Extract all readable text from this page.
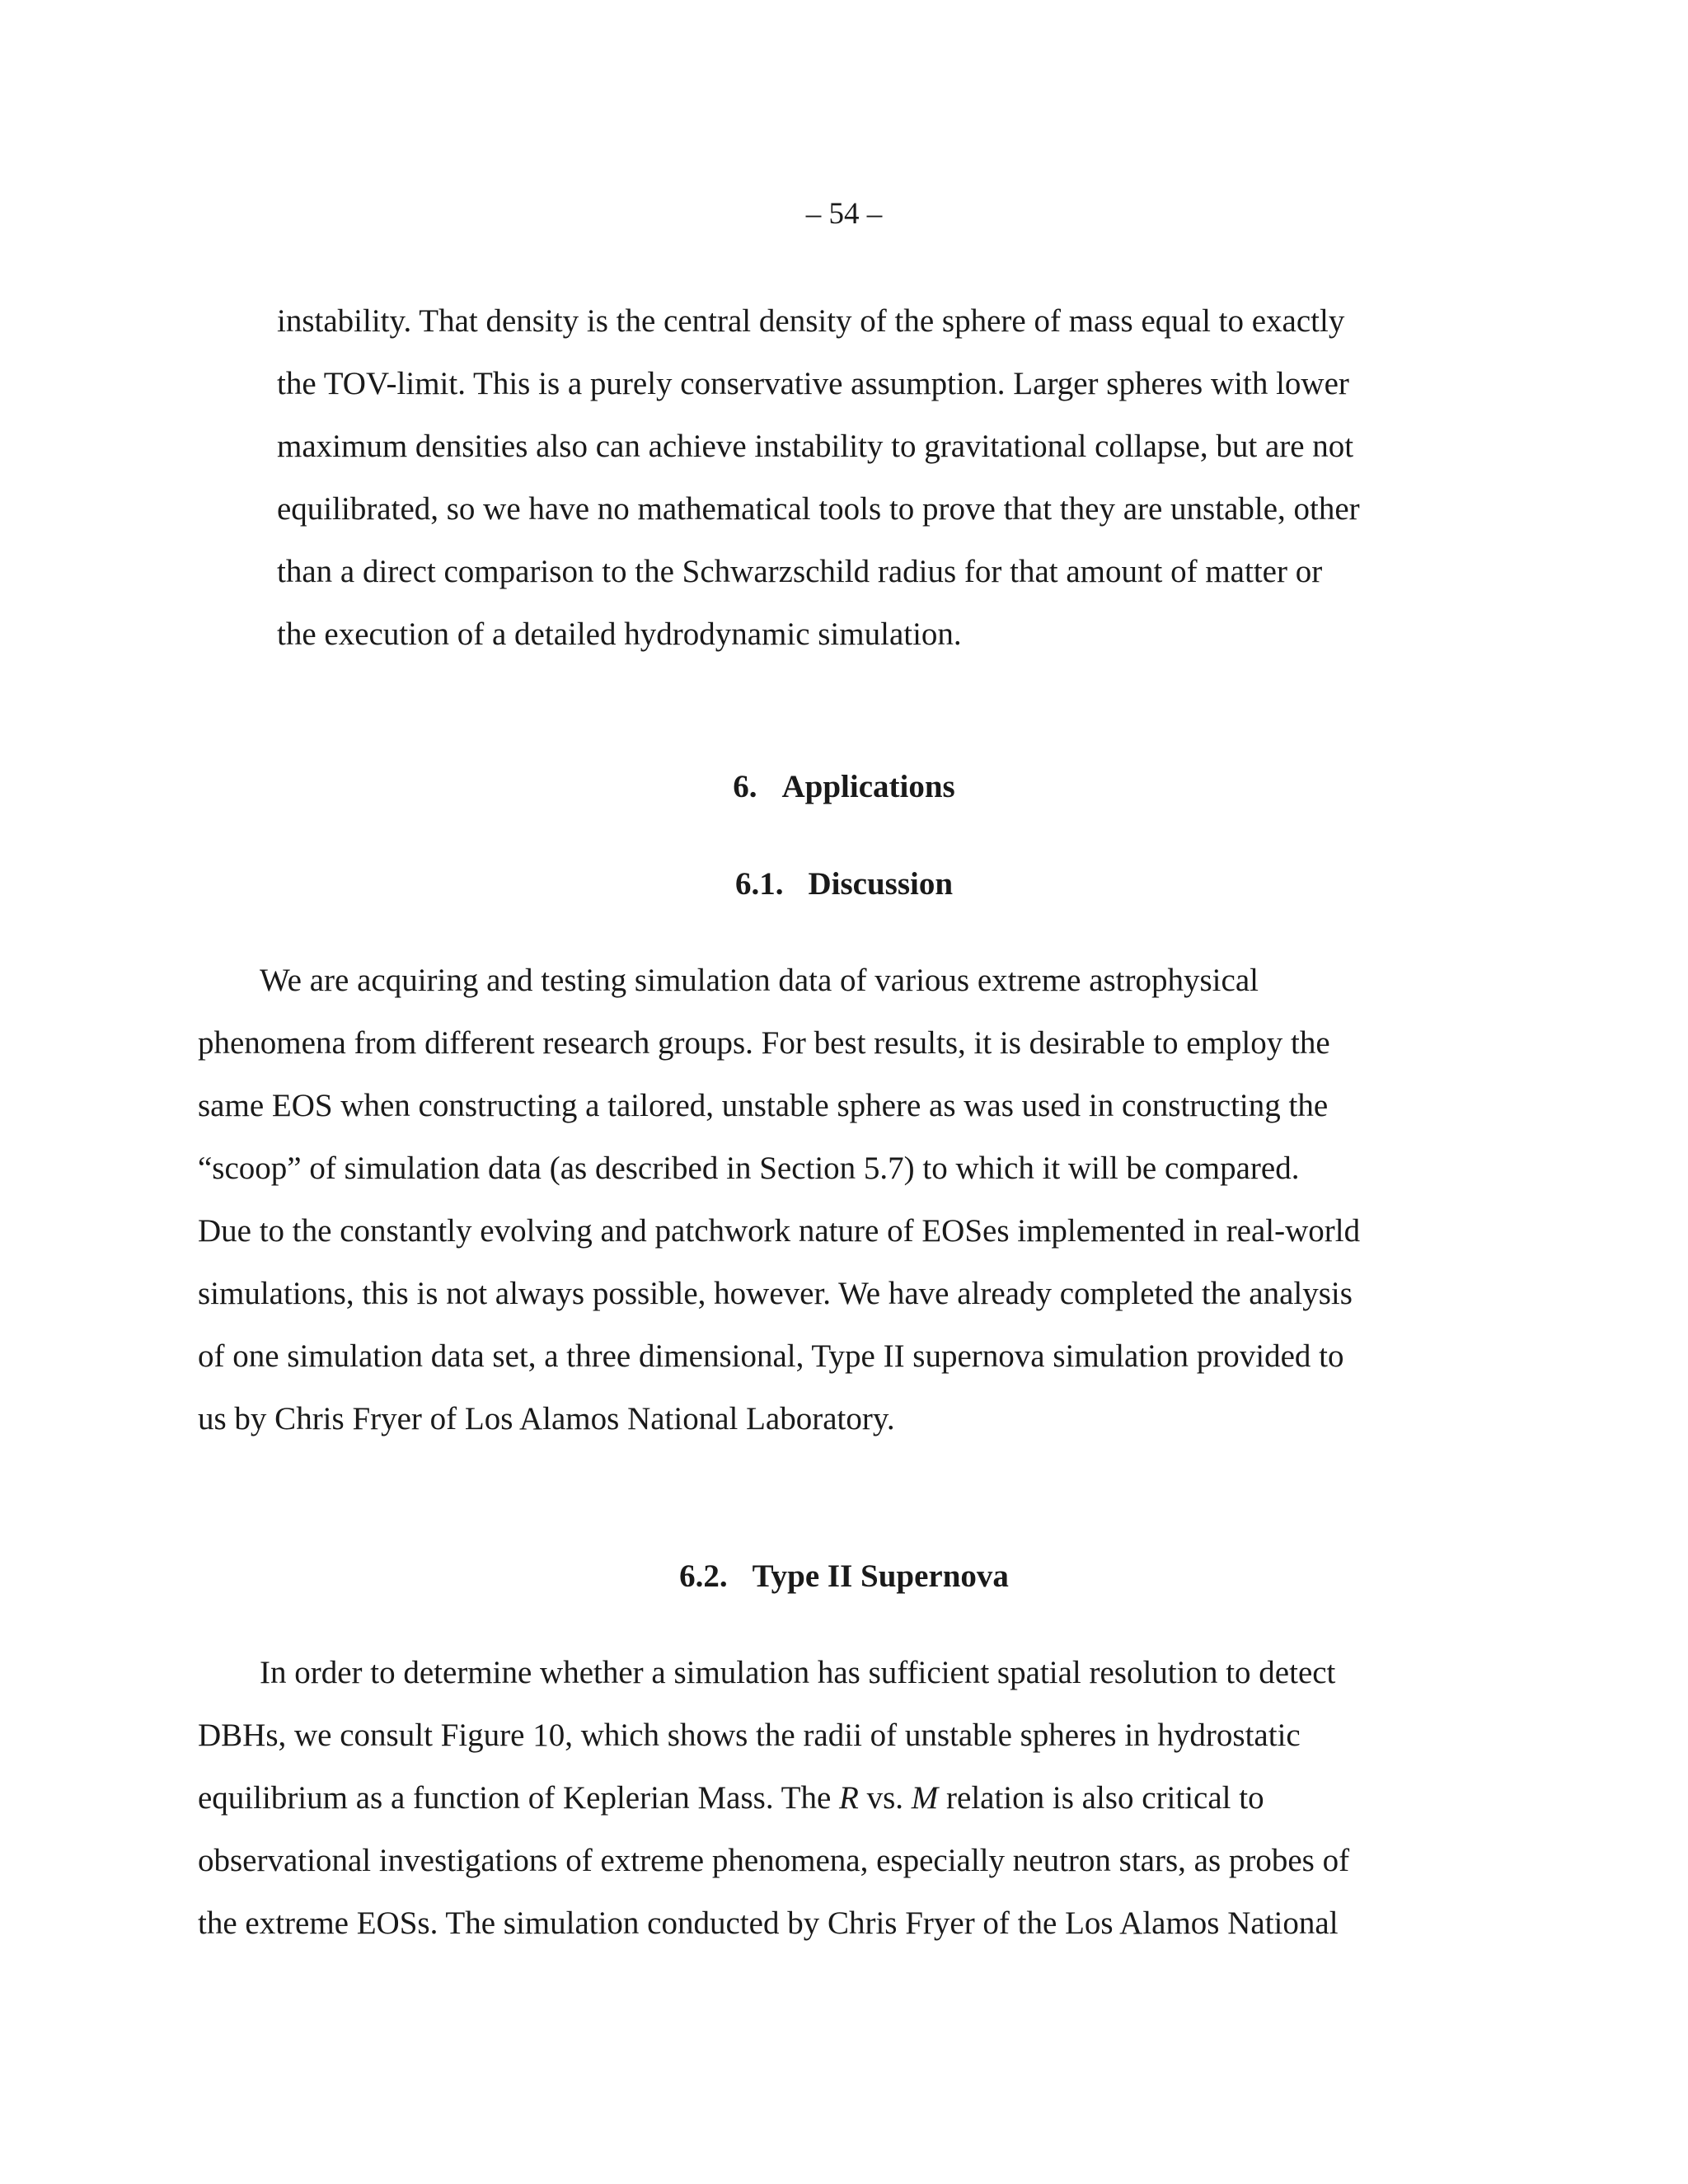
– 54 –
instability. That density is the central density of the sphere of mass equal to exactly
the TOV-limit. This is a purely conservative assumption. Larger spheres with lower
maximum densities also can achieve instability to gravitational collapse, but are not
equilibrated, so we have no mathematical tools to prove that they are unstable, other
than a direct comparison to the Schwarzschild radius for that amount of matter or
the execution of a detailed hydrodynamic simulation.
6. Applications
6.1. Discussion
We are acquiring and testing simulation data of various extreme astrophysical
phenomena from different research groups. For best results, it is desirable to employ the
same EOS when constructing a tailored, unstable sphere as was used in constructing the
“scoop” of simulation data (as described in Section 5.7) to which it will be compared.
Due to the constantly evolving and patchwork nature of EOSes implemented in real-world
simulations, this is not always possible, however. We have already completed the analysis
of one simulation data set, a three dimensional, Type II supernova simulation provided to
us by Chris Fryer of Los Alamos National Laboratory.
6.2. Type II Supernova
In order to determine whether a simulation has sufficient spatial resolution to detect
DBHs, we consult Figure 10, which shows the radii of unstable spheres in hydrostatic
equilibrium as a function of Keplerian Mass. The R vs. M relation is also critical to
observational investigations of extreme phenomena, especially neutron stars, as probes of
the extreme EOSs. The simulation conducted by Chris Fryer of the Los Alamos National
